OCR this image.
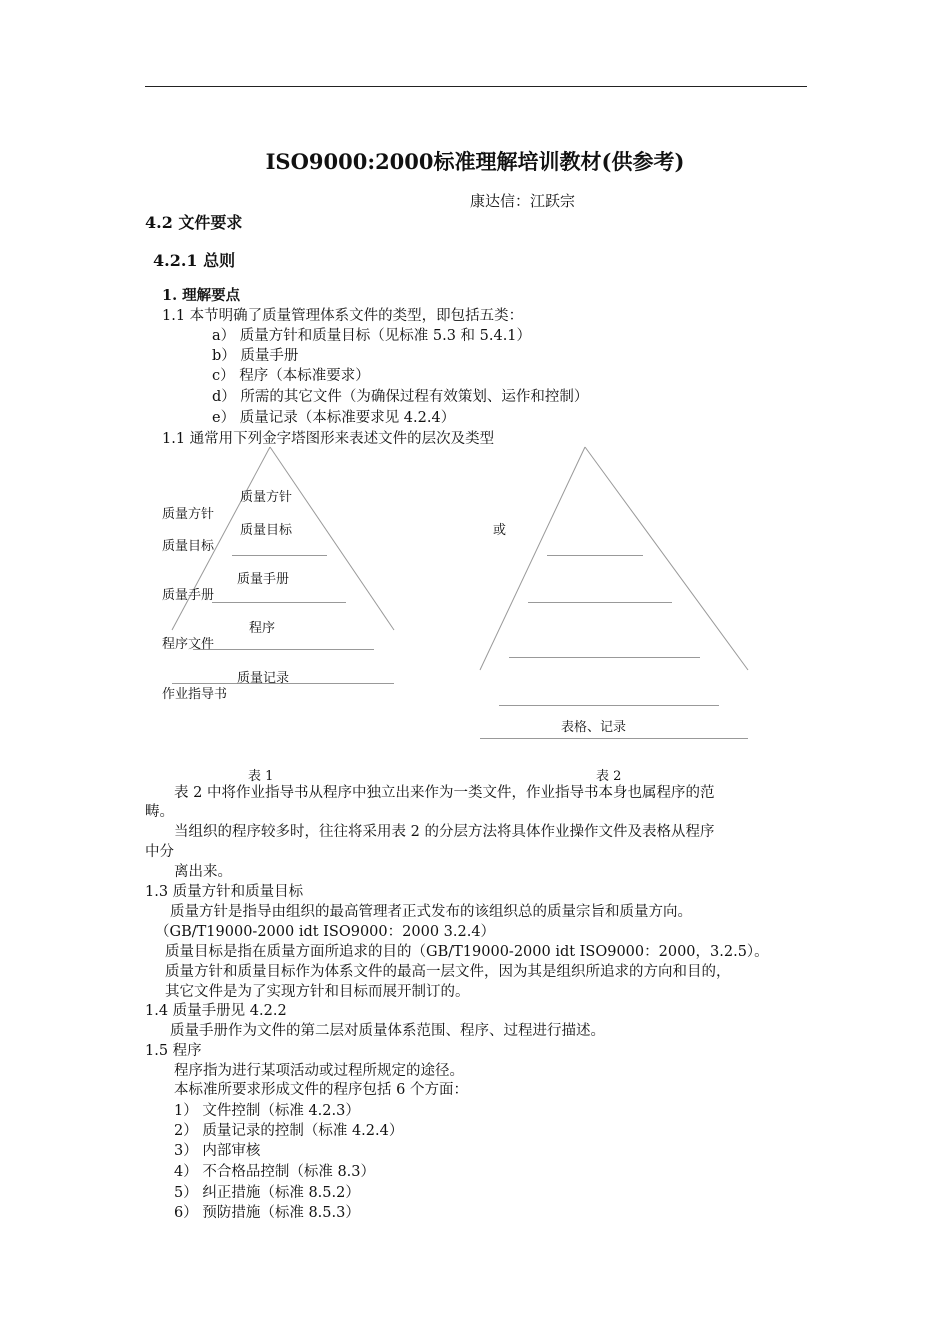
ISO9000:2000标准理解培训教材(供参考)
康达信：江跃宗
4.2 文件要求
4.2.1 总则
1. 理解要点
1.1 本节明确了质量管理体系文件的类型，即包括五类：
a） 质量方针和质量目标（见标准 5.3 和 5.4.1）
b） 质量手册
c） 程序（本标准要求）
d） 所需的其它文件（为确保过程有效策划、运作和控制）
e） 质量记录（本标准要求见 4.2.4）
1.1 通常用下列金字塔图形来表述文件的层次及类型
质量方针
质量目标
质量手册
程序
质量记录
质量方针
质量目标
质量手册
程序文件
作业指导书
或
表格、记录
表 1	表 2
表 2 中将作业指导书从程序中独立出来作为一类文件，作业指导书本身也属程序的范
畴。
当组织的程序较多时，往往将采用表 2 的分层方法将具体作业操作文件及表格从程序
中分
离出来。
1.3 质量方针和质量目标
质量方针是指导由组织的最高管理者正式发布的该组织总的质量宗旨和质量方向。
（GB/T19000-2000 idt ISO9000：2000 3.2.4）
质量目标是指在质量方面所追求的目的（GB/T19000-2000 idt ISO9000：2000，3.2.5）。
质量方针和质量目标作为体系文件的最高一层文件，因为其是组织所追求的方向和目的，
其它文件是为了实现方针和目标而展开制订的。
1.4 质量手册见 4.2.2
质量手册作为文件的第二层对质量体系范围、程序、过程进行描述。
1.5 程序
程序指为进行某项活动或过程所规定的途径。
本标准所要求形成文件的程序包括 6 个方面：
1） 文件控制（标准 4.2.3）
2） 质量记录的控制（标准 4.2.4）
3） 内部审核
4） 不合格品控制（标准 8.3）
5） 纠正措施（标准 8.5.2）
6） 预防措施（标准 8.5.3）
